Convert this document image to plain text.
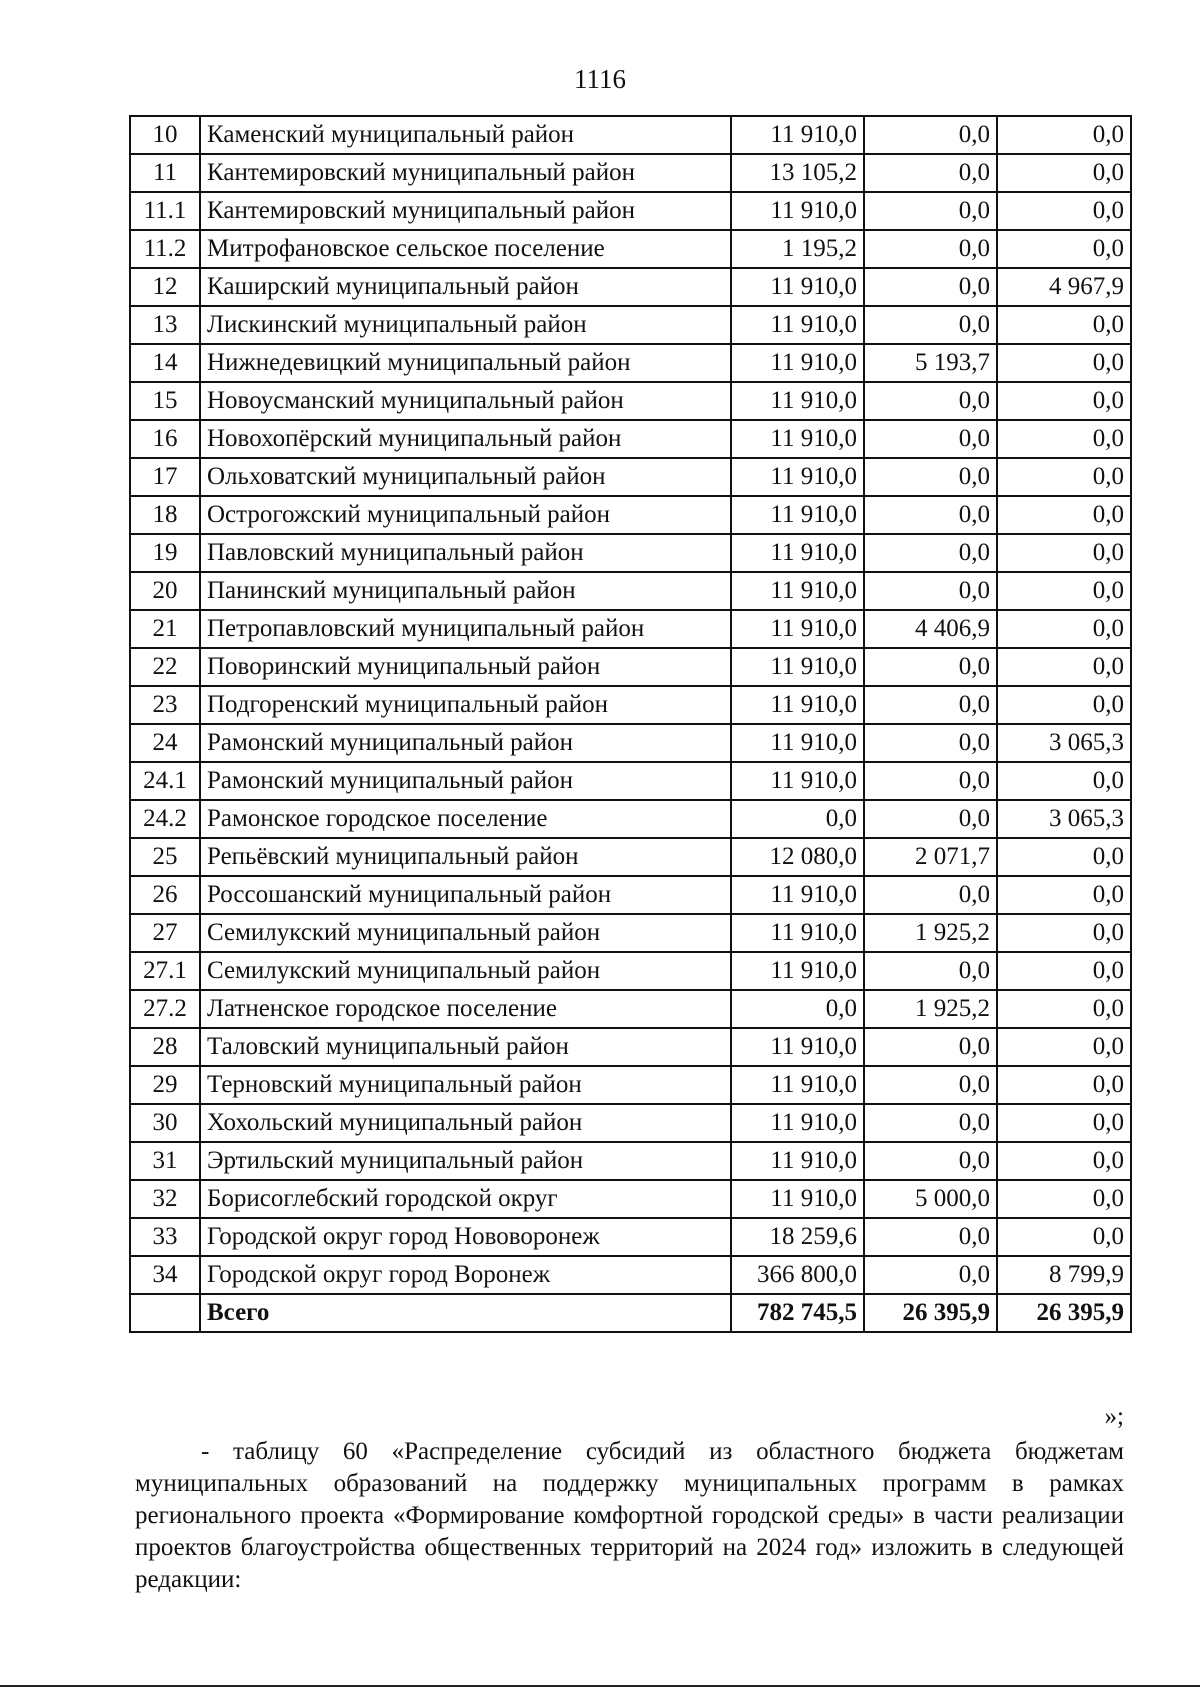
1116
10	Каменский муниципальный район	11 910,0	0,0	0,0
11	Кантемировский муниципальный район	13 105,2	0,0	0,0
11.1	Кантемировский муниципальный район	11 910,0	0,0	0,0
11.2	Митрофановское сельское поселение	1 195,2	0,0	0,0
12	Каширский муниципальный район	11 910,0	0,0	4 967,9
13	Лискинский муниципальный район	11 910,0	0,0	0,0
14	Нижнедевицкий муниципальный район	11 910,0	5 193,7	0,0
15	Новоусманский муниципальный район	11 910,0	0,0	0,0
16	Новохопёрский муниципальный район	11 910,0	0,0	0,0
17	Ольховатский муниципальный район	11 910,0	0,0	0,0
18	Острогожский муниципальный район	11 910,0	0,0	0,0
19	Павловский муниципальный район	11 910,0	0,0	0,0
20	Панинский муниципальный район	11 910,0	0,0	0,0
21	Петропавловский муниципальный район	11 910,0	4 406,9	0,0
22	Поворинский муниципальный район	11 910,0	0,0	0,0
23	Подгоренский муниципальный район	11 910,0	0,0	0,0
24	Рамонский муниципальный район	11 910,0	0,0	3 065,3
24.1	Рамонский муниципальный район	11 910,0	0,0	0,0
24.2	Рамонское городское поселение	0,0	0,0	3 065,3
25	Репьёвский муниципальный район	12 080,0	2 071,7	0,0
26	Россошанский муниципальный район	11 910,0	0,0	0,0
27	Семилукский муниципальный район	11 910,0	1 925,2	0,0
27.1	Семилукский муниципальный район	11 910,0	0,0	0,0
27.2	Латненское городское поселение	0,0	1 925,2	0,0
28	Таловский муниципальный район	11 910,0	0,0	0,0
29	Терновский муниципальный район	11 910,0	0,0	0,0
30	Хохольский муниципальный район	11 910,0	0,0	0,0
31	Эртильский муниципальный район	11 910,0	0,0	0,0
32	Борисоглебский городской округ	11 910,0	5 000,0	0,0
33	Городской округ город Нововоронеж	18 259,6	0,0	0,0
34	Городской округ город Воронеж	366 800,0	0,0	8 799,9
	Всего	782 745,5	26 395,9	26 395,9
»;
- таблицу 60 «Распределение субсидий из областного бюджета бюджетам муниципальных образований на поддержку муниципальных программ в рамках регионального проекта «Формирование комфортной городской среды» в части реализации проектов благоустройства общественных территорий на 2024 год» изложить в следующей редакции:
